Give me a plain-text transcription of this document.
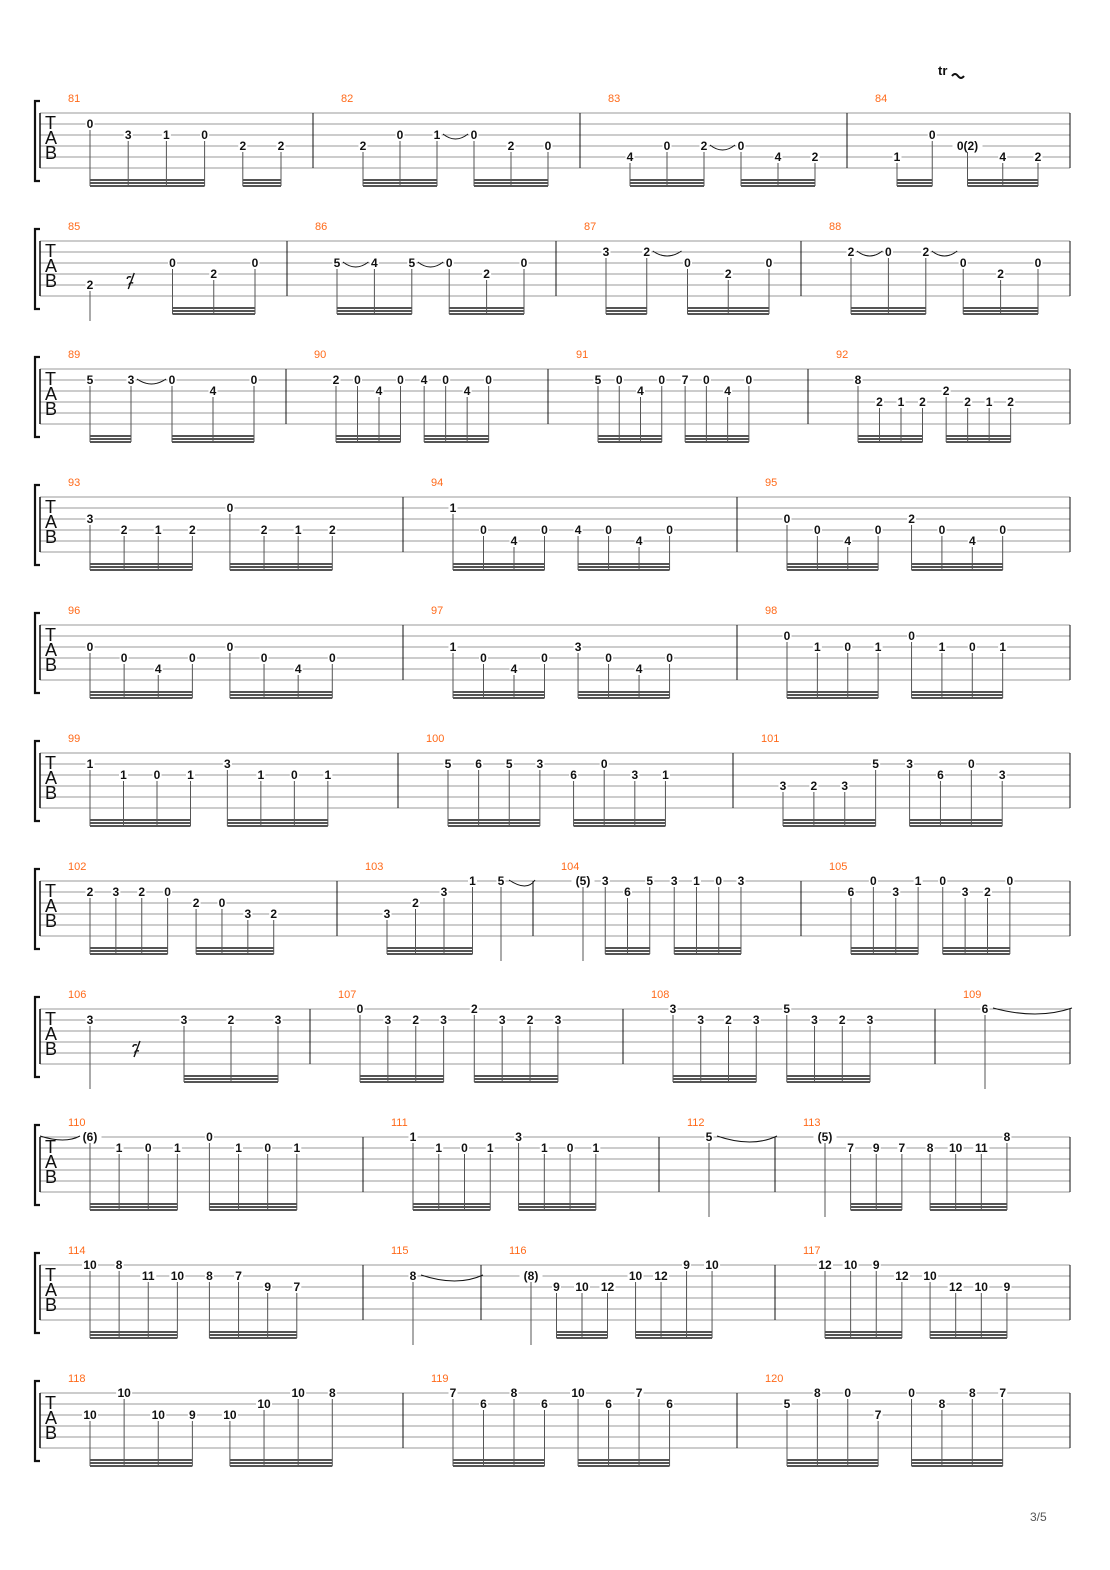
tr
T
A
B
81
0
3	1	0
2	2
82
2
0	1	0
2	0
83
4
0	2	0
4	2
84
1
0
0(2)
4 2
T
A
B
85
2
0
2
0
86
5	4	5	0
2
0
87
3	2
0
2
0
88
2	0	2
0
2
0
T
A
B
89
5	3	0
4
0
90
2 0
4
0 4 0
4
0
91
5 0
4
0 7 0
4
0
92
8
2 1 2
2
2 1 2
T
A
B
93
3
2 1 2
0
2 1 2
94
1
0
4
0 4 0
4
0
95
0
0
4
0
2
0
4
0
T
A
B
96
0
0
4
0
0
0
4
0
97
1
0
4
0
3
0
4
0
98
0
1 0 1
0
1 0 1
T
A
B
99
1
1 0 1
3
1 0 1
100
5 6 5 3
6
0
3 1
101
3 2 3
5 3
6
0
3
T
A
B
102
2 3 2 0
2 0
3 2
103
3
2
3
1 5
104
(5) 3
6
5 3 1 0 3
105
6
0
3
1 0
3 2
0
T
A
B
106
3	3	2	3
107
0
3 2 3
2
3 2 3
108
3
3 2 3
5
3 2 3
109
6
T
A
B
110
(6)
1 0 1
0
1 0 1
111
1
1 0 1
3
1 0 1
112
5
113
(5)
7 9 7 8 10 11
8
T
A
B
114
10 8
11 10 8 7
9 7
115
8
116
(8)
9 10 12
10 12
9 10
117
12 10 9
12 10
12 10 9
T
A
B
118
10
10
10 9 10
10
10 8
119
7
6
8
6
10
6
7
6
120
5
8 0
7
0
8
8 7
3/5
